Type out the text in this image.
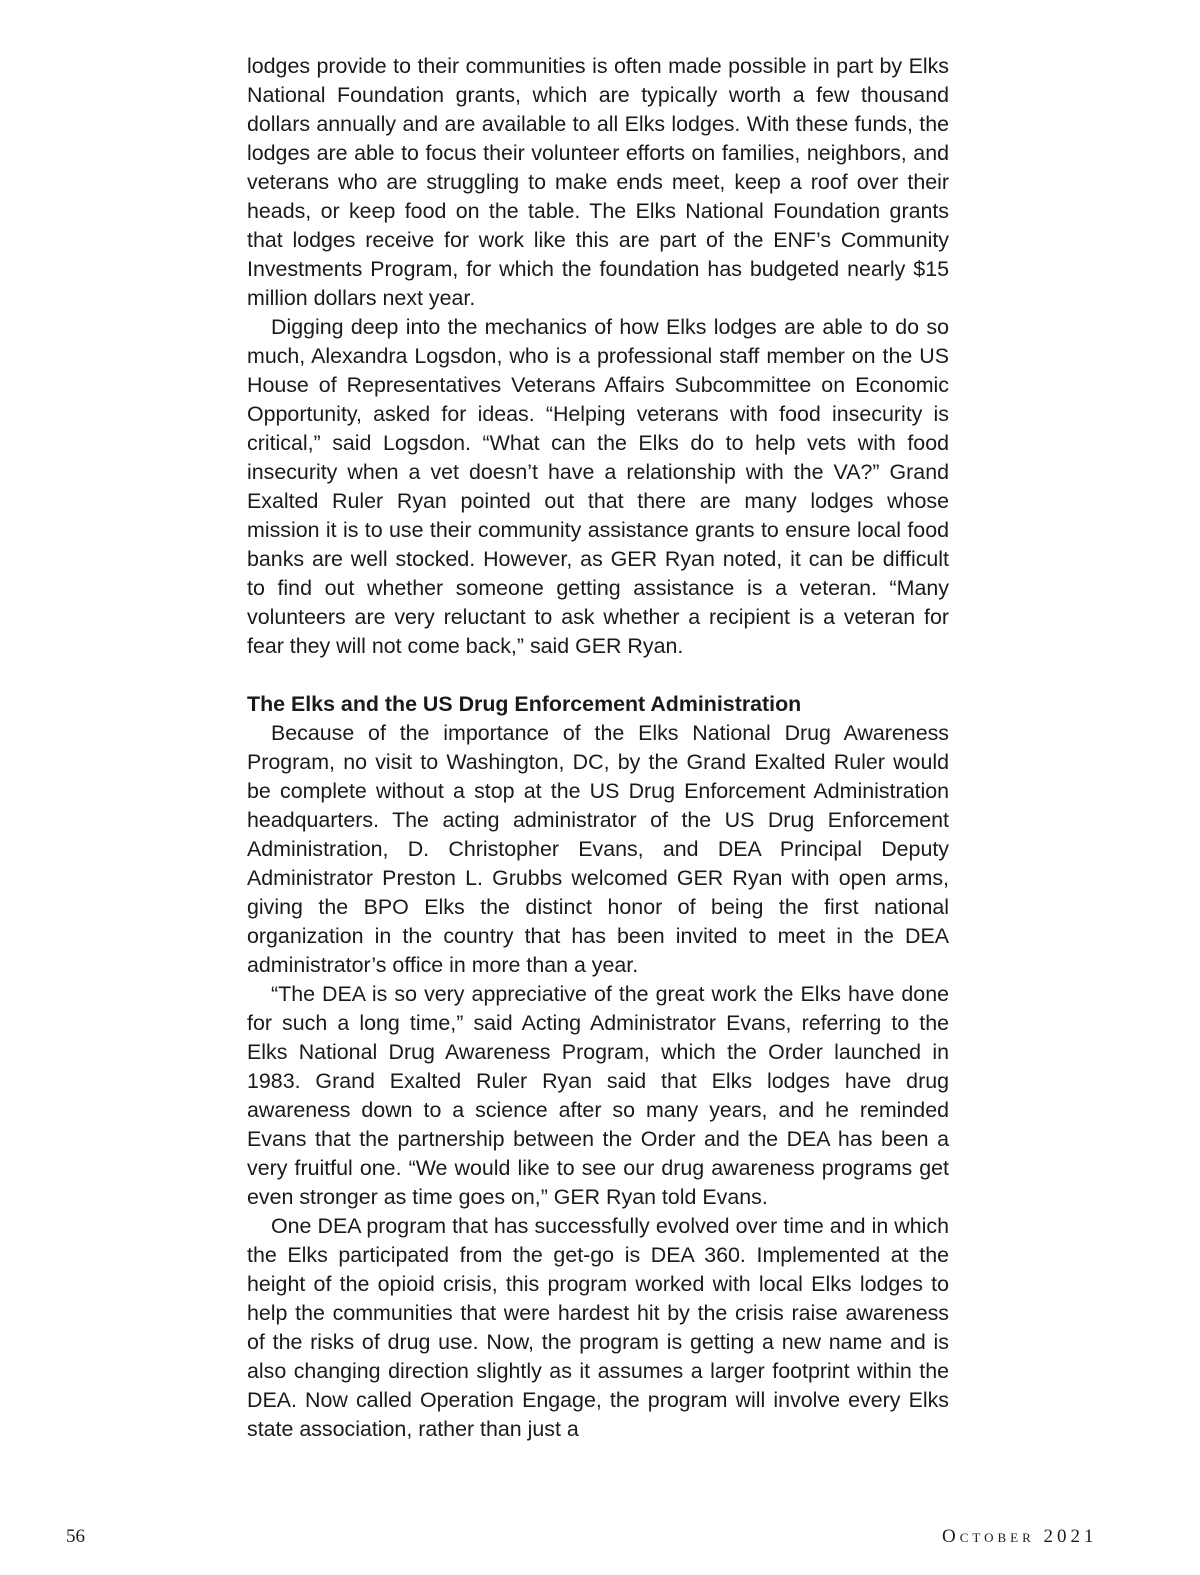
lodges provide to their communities is often made possible in part by Elks National Foundation grants, which are typically worth a few thousand dollars annually and are available to all Elks lodges. With these funds, the lodges are able to focus their volunteer efforts on families, neighbors, and veterans who are struggling to make ends meet, keep a roof over their heads, or keep food on the table. The Elks National Foundation grants that lodges receive for work like this are part of the ENF’s Community Investments Program, for which the foundation has budgeted nearly $15 million dollars next year.

Digging deep into the mechanics of how Elks lodges are able to do so much, Alexandra Logsdon, who is a professional staff member on the US House of Representatives Veterans Affairs Subcommittee on Economic Opportunity, asked for ideas. “Helping veterans with food insecurity is critical,” said Logsdon. “What can the Elks do to help vets with food insecurity when a vet doesn’t have a relationship with the VA?” Grand Exalted Ruler Ryan pointed out that there are many lodges whose mission it is to use their community assistance grants to ensure local food banks are well stocked. However, as GER Ryan noted, it can be difficult to find out whether someone getting assistance is a veteran. “Many volunteers are very reluctant to ask whether a recipient is a veteran for fear they will not come back,” said GER Ryan.

The Elks and the US Drug Enforcement Administration

Because of the importance of the Elks National Drug Awareness Program, no visit to Washington, DC, by the Grand Exalted Ruler would be complete without a stop at the US Drug Enforcement Administration headquarters. The acting administrator of the US Drug Enforcement Administration, D. Christopher Evans, and DEA Principal Deputy Administrator Preston L. Grubbs welcomed GER Ryan with open arms, giving the BPO Elks the distinct honor of being the first national organization in the country that has been invited to meet in the DEA administrator’s office in more than a year.

“The DEA is so very appreciative of the great work the Elks have done for such a long time,” said Acting Administrator Evans, referring to the Elks National Drug Awareness Program, which the Order launched in 1983. Grand Exalted Ruler Ryan said that Elks lodges have drug awareness down to a science after so many years, and he reminded Evans that the partnership between the Order and the DEA has been a very fruitful one. “We would like to see our drug awareness programs get even stronger as time goes on,” GER Ryan told Evans.

One DEA program that has successfully evolved over time and in which the Elks participated from the get-go is DEA 360. Implemented at the height of the opioid crisis, this program worked with local Elks lodges to help the communities that were hardest hit by the crisis raise awareness of the risks of drug use. Now, the program is getting a new name and is also changing direction slightly as it assumes a larger footprint within the DEA. Now called Operation Engage, the program will involve every Elks state association, rather than just a

56	October 2021
